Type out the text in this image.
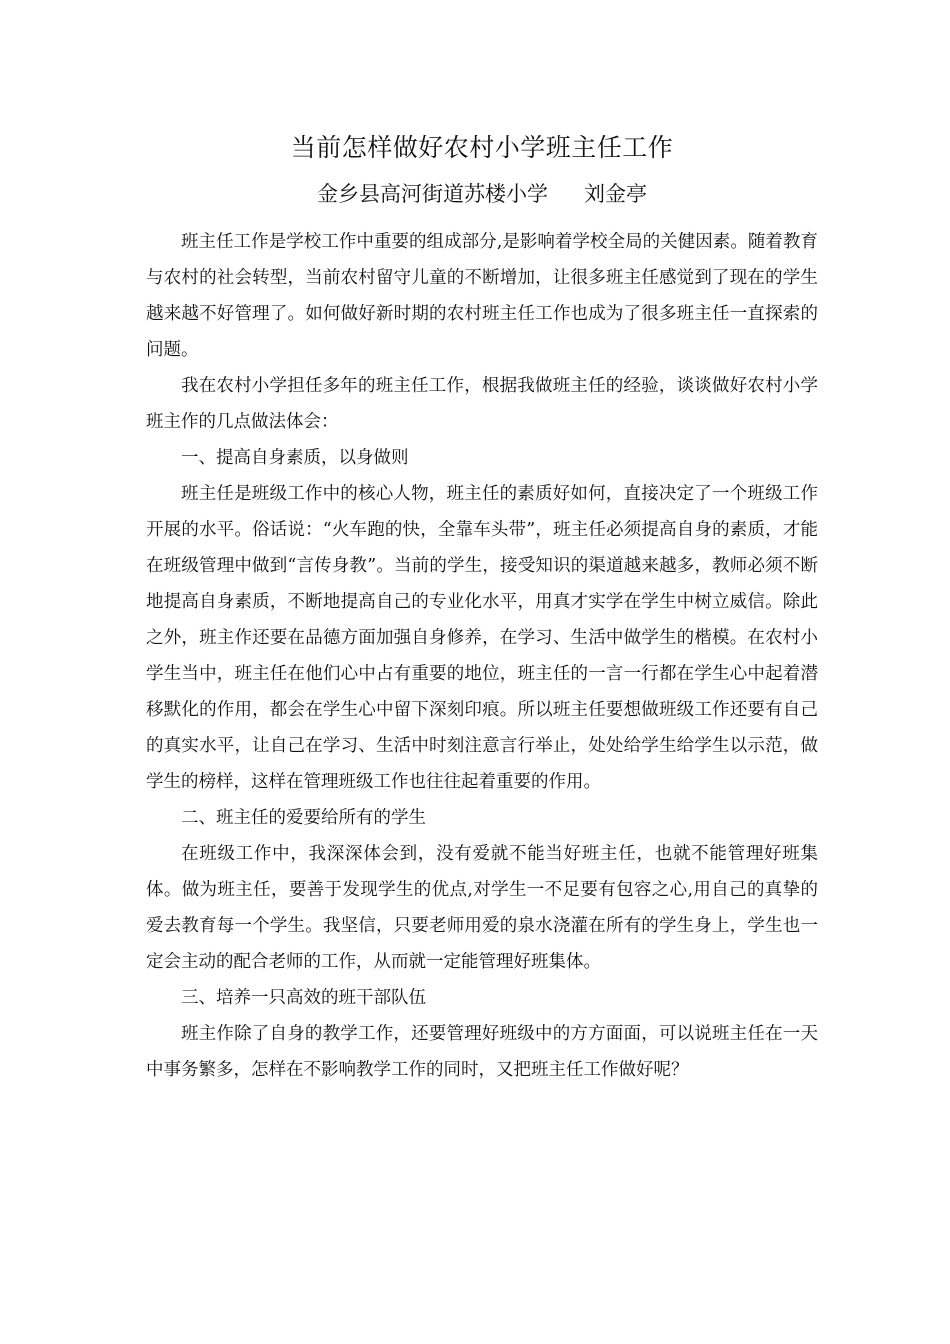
当前怎样做好农村小学班主任工作
金乡县高河街道苏楼小学 刘金亭

班主任工作是学校工作中重要的组成部分,是影响着学校全局的关健因素。随着教育与农村的社会转型，当前农村留守儿童的不断增加，让很多班主任感觉到了现在的学生越来越不好管理了。如何做好新时期的农村班主任工作也成为了很多班主任一直探索的问题。

我在农村小学担任多年的班主任工作，根据我做班主任的经验，谈谈做好农村小学班主作的几点做法体会：

一、提高自身素质，以身做则

班主任是班级工作中的核心人物，班主任的素质好如何，直接决定了一个班级工作开展的水平。俗话说：“火车跑的快，全靠车头带”，班主任必须提高自身的素质，才能在班级管理中做到“言传身教”。当前的学生，接受知识的渠道越来越多，教师必须不断地提高自身素质，不断地提高自己的专业化水平，用真才实学在学生中树立威信。除此之外，班主作还要在品德方面加强自身修养，在学习、生活中做学生的楷模。在农村小学生当中，班主任在他们心中占有重要的地位，班主任的一言一行都在学生心中起着潜移默化的作用，都会在学生心中留下深刻印痕。所以班主任要想做班级工作还要有自己的真实水平，让自己在学习、生活中时刻注意言行举止，处处给学生给学生以示范，做学生的榜样，这样在管理班级工作也往往起着重要的作用。

二、班主任的爱要给所有的学生

在班级工作中，我深深体会到，没有爱就不能当好班主任，也就不能管理好班集体。做为班主任，要善于发现学生的优点,对学生一不足要有包容之心,用自己的真挚的爱去教育每一个学生。我坚信，只要老师用爱的泉水浇灌在所有的学生身上，学生也一定会主动的配合老师的工作，从而就一定能管理好班集体。

三、培养一只高效的班干部队伍

班主作除了自身的教学工作，还要管理好班级中的方方面面，可以说班主任在一天中事务繁多，怎样在不影响教学工作的同时，又把班主任工作做好呢？
